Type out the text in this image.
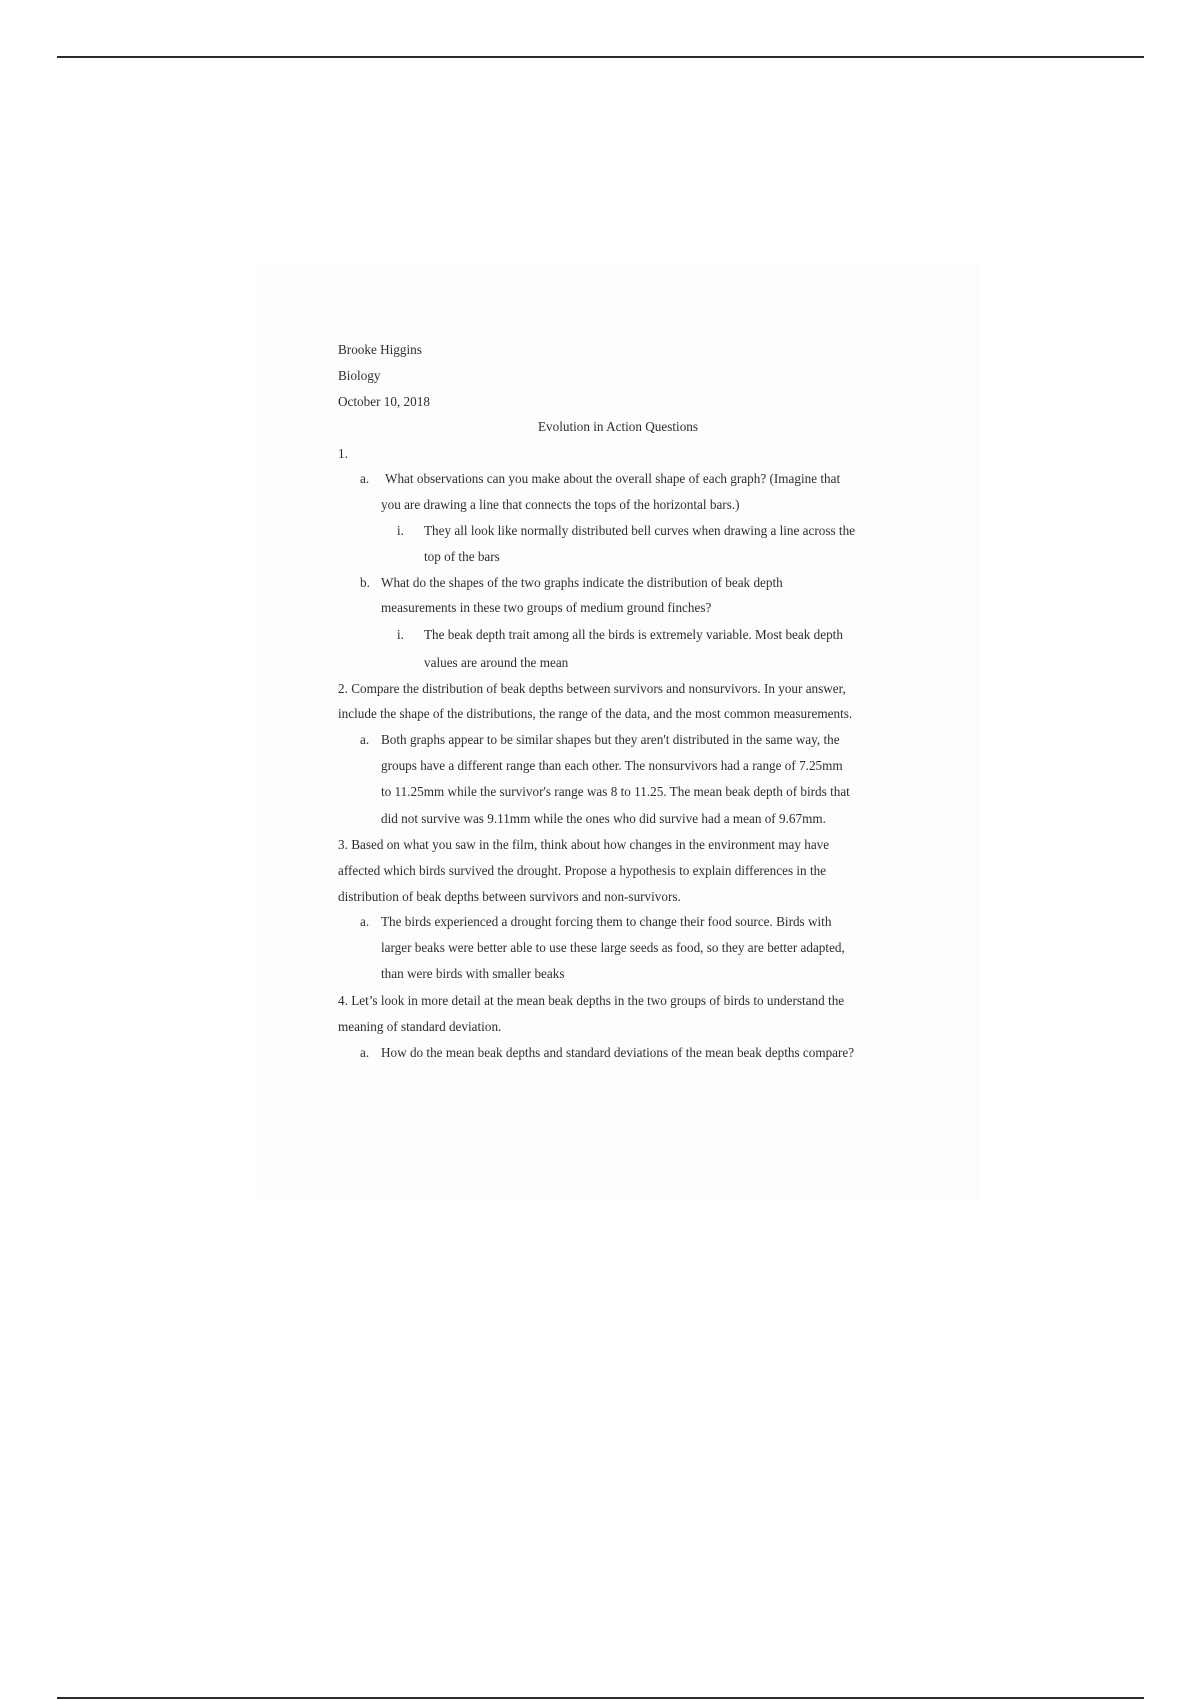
Brooke Higgins
Biology
October 10, 2018
Evolution in Action Questions
1.
a. What observations can you make about the overall shape of each graph? (Imagine that
you are drawing a line that connects the tops of the horizontal bars.)
i. They all look like normally distributed bell curves when drawing a line across the
top of the bars
b. What do the shapes of the two graphs indicate the distribution of beak depth
measurements in these two groups of medium ground finches?
i. The beak depth trait among all the birds is extremely variable. Most beak depth
values are around the mean
2. Compare the distribution of beak depths between survivors and nonsurvivors. In your answer,
include the shape of the distributions, the range of the data, and the most common measurements.
a. Both graphs appear to be similar shapes but they aren't distributed in the same way, the
groups have a different range than each other. The nonsurvivors had a range of 7.25mm
to 11.25mm while the survivor's range was 8 to 11.25. The mean beak depth of birds that
did not survive was 9.11mm while the ones who did survive had a mean of 9.67mm.
3. Based on what you saw in the film, think about how changes in the environment may have
affected which birds survived the drought. Propose a hypothesis to explain differences in the
distribution of beak depths between survivors and non-survivors.
a. The birds experienced a drought forcing them to change their food source. Birds with
larger beaks were better able to use these large seeds as food, so they are better adapted,
than were birds with smaller beaks
4. Let’s look in more detail at the mean beak depths in the two groups of birds to understand the
meaning of standard deviation.
a. How do the mean beak depths and standard deviations of the mean beak depths compare?
